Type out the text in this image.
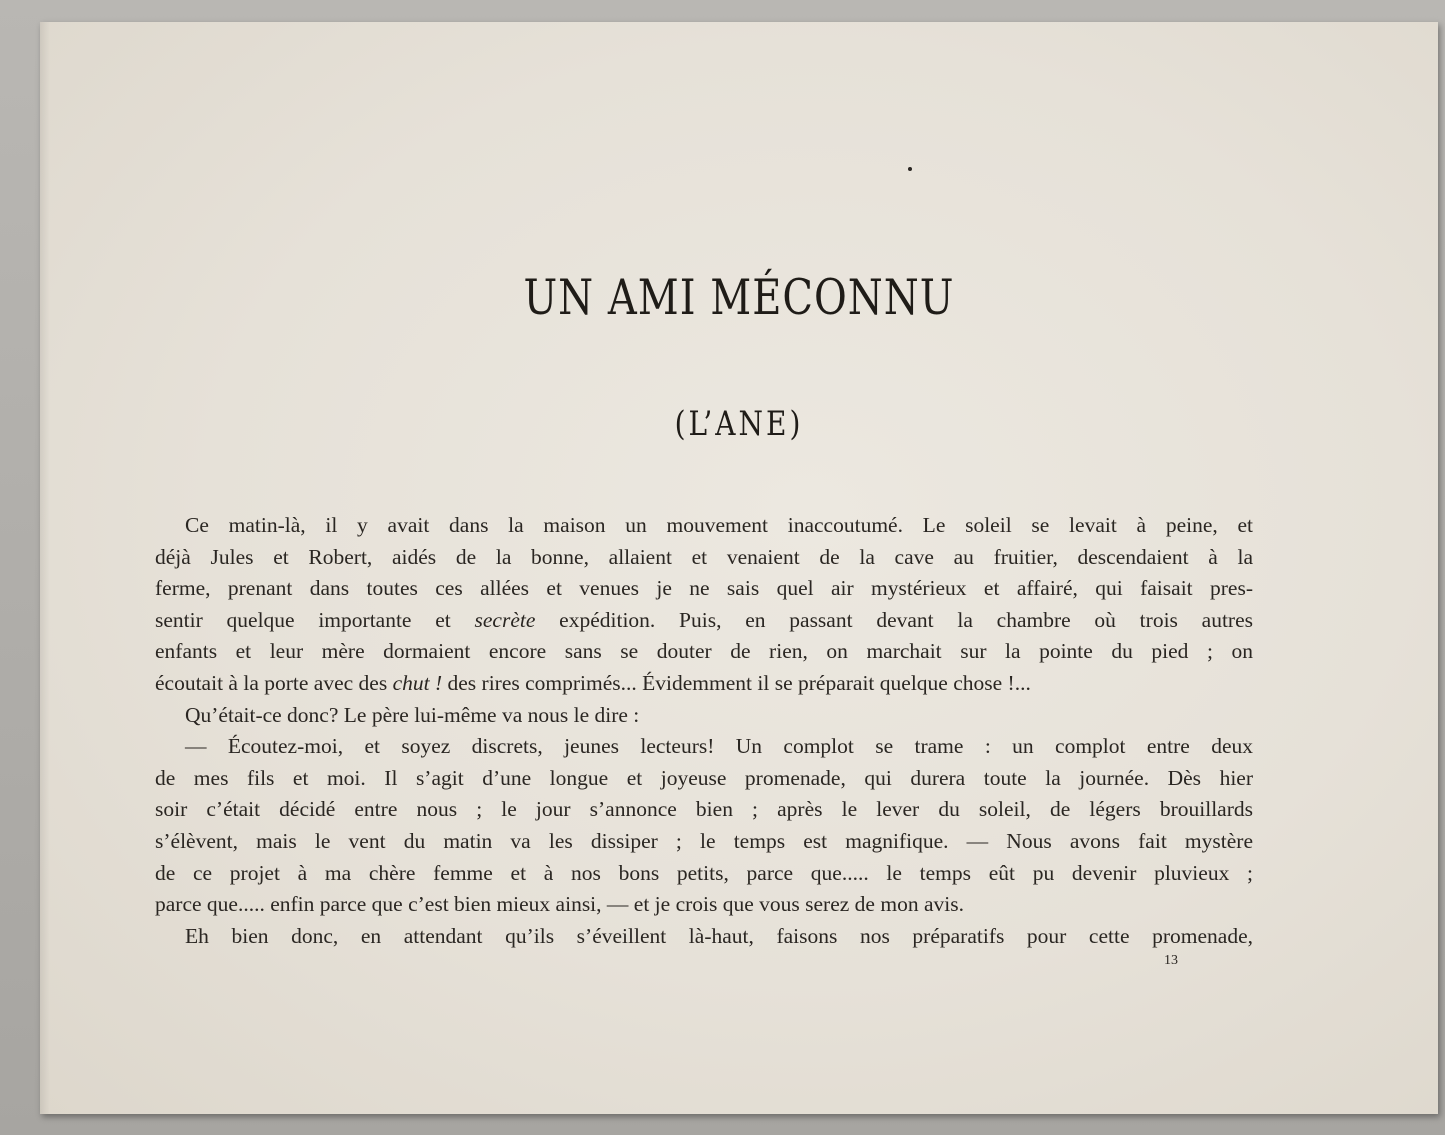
UN AMI MÉCONNU
(L’ANE)
Ce matin-là, il y avait dans la maison un mouvement inaccoutumé. Le soleil se levait à peine, et
déjà Jules et Robert, aidés de la bonne, allaient et venaient de la cave au fruitier, descendaient à la
ferme, prenant dans toutes ces allées et venues je ne sais quel air mystérieux et affairé, qui faisait pres-
sentir quelque importante et secrète expédition. Puis, en passant devant la chambre où trois autres
enfants et leur mère dormaient encore sans se douter de rien, on marchait sur la pointe du pied ; on
écoutait à la porte avec des chut ! des rires comprimés... Évidemment il se préparait quelque chose !...
Qu’était-ce donc? Le père lui-même va nous le dire :
— Écoutez-moi, et soyez discrets, jeunes lecteurs! Un complot se trame : un complot entre deux
de mes fils et moi. Il s’agit d’une longue et joyeuse promenade, qui durera toute la journée. Dès hier
soir c’était décidé entre nous ; le jour s’annonce bien ; après le lever du soleil, de légers brouillards
s’élèvent, mais le vent du matin va les dissiper ; le temps est magnifique. — Nous avons fait mystère
de ce projet à ma chère femme et à nos bons petits, parce que..... le temps eût pu devenir pluvieux ;
parce que..... enfin parce que c’est bien mieux ainsi, — et je crois que vous serez de mon avis.
Eh bien donc, en attendant qu’ils s’éveillent là-haut, faisons nos préparatifs pour cette promenade,
13
